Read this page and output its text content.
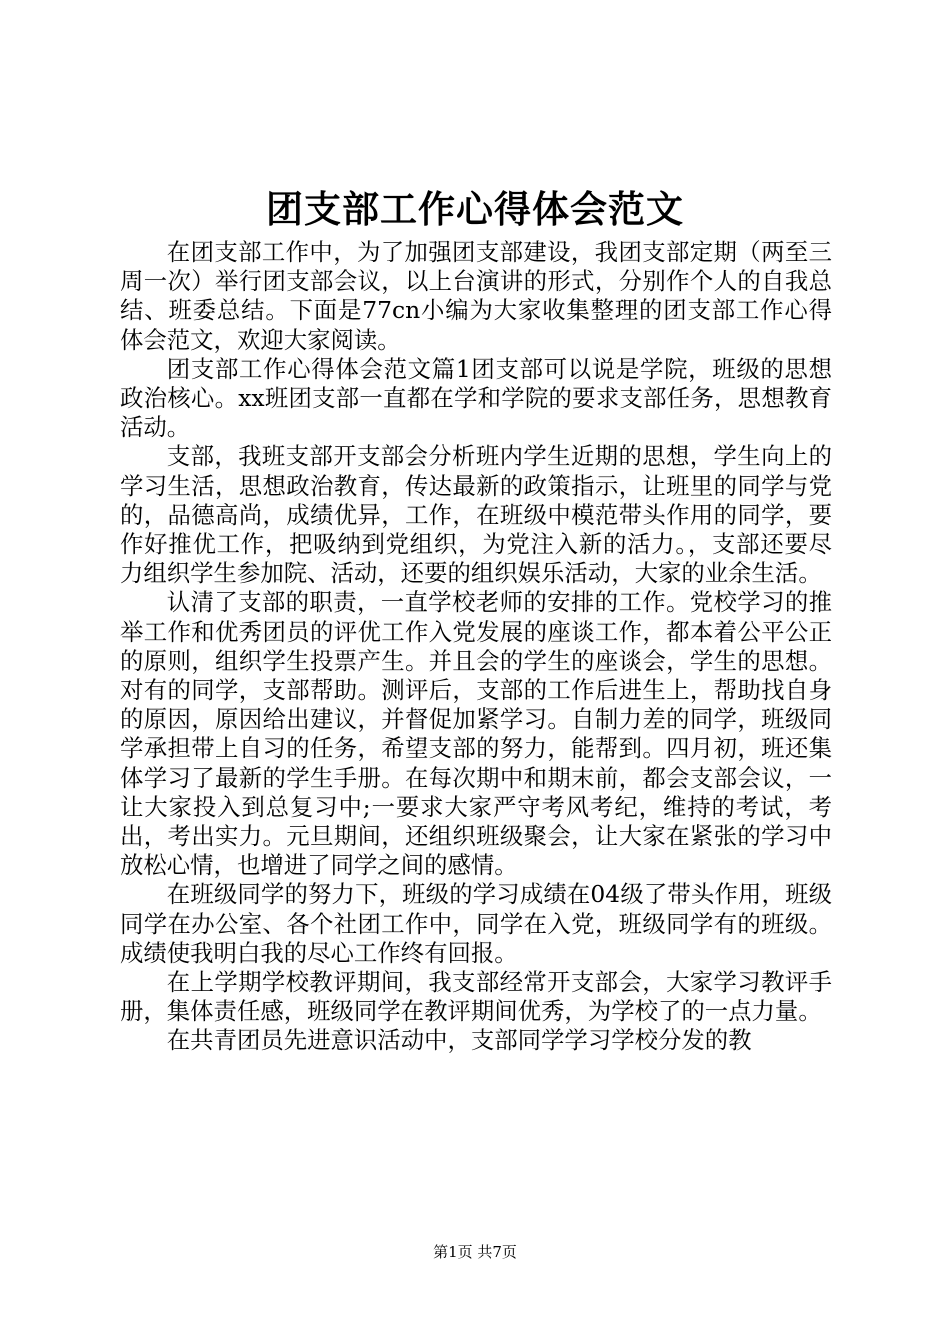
团支部工作心得体会范文

在团支部工作中，为了加强团支部建设，我团支部定期（两至三周一次）举行团支部会议，以上台演讲的形式，分别作个人的自我总结、班委总结。下面是77cn小编为大家收集整理的团支部工作心得体会范文，欢迎大家阅读。

团支部工作心得体会范文篇1团支部可以说是学院，班级的思想政治核心。xx班团支部一直都在学和学院的要求支部任务，思想教育活动。

支部，我班支部开支部会分析班内学生近期的思想，学生向上的学习生活，思想政治教育，传达最新的政策指示，让班里的同学与党的，品德高尚，成绩优异，工作，在班级中模范带头作用的同学，要作好推优工作，把吸纳到党组织，为党注入新的活力。，支部还要尽力组织学生参加院、活动，还要的组织娱乐活动，大家的业余生活。

认清了支部的职责，一直学校老师的安排的工作。党校学习的推举工作和优秀团员的评优工作入党发展的座谈工作，都本着公平公正的原则，组织学生投票产生。并且会的学生的座谈会，学生的思想。对有的同学，支部帮助。测评后，支部的工作后进生上，帮助找自身的原因，原因给出建议，并督促加紧学习。自制力差的同学，班级同学承担带上自习的任务，希望支部的努力，能帮到。四月初，班还集体学习了最新的学生手册。在每次期中和期末前，都会支部会议，一让大家投入到总复习中;一要求大家严守考风考纪，维持的考试，考出，考出实力。元旦期间，还组织班级聚会，让大家在紧张的学习中放松心情，也增进了同学之间的感情。

在班级同学的努力下，班级的学习成绩在04级了带头作用，班级同学在办公室、各个社团工作中，同学在入党，班级同学有的班级。成绩使我明白我的尽心工作终有回报。

在上学期学校教评期间，我支部经常开支部会，大家学习教评手册，集体责任感，班级同学在教评期间优秀，为学校了的一点力量。

在共青团员先进意识活动中，支部同学学习学校分发的教

第1页 共7页
